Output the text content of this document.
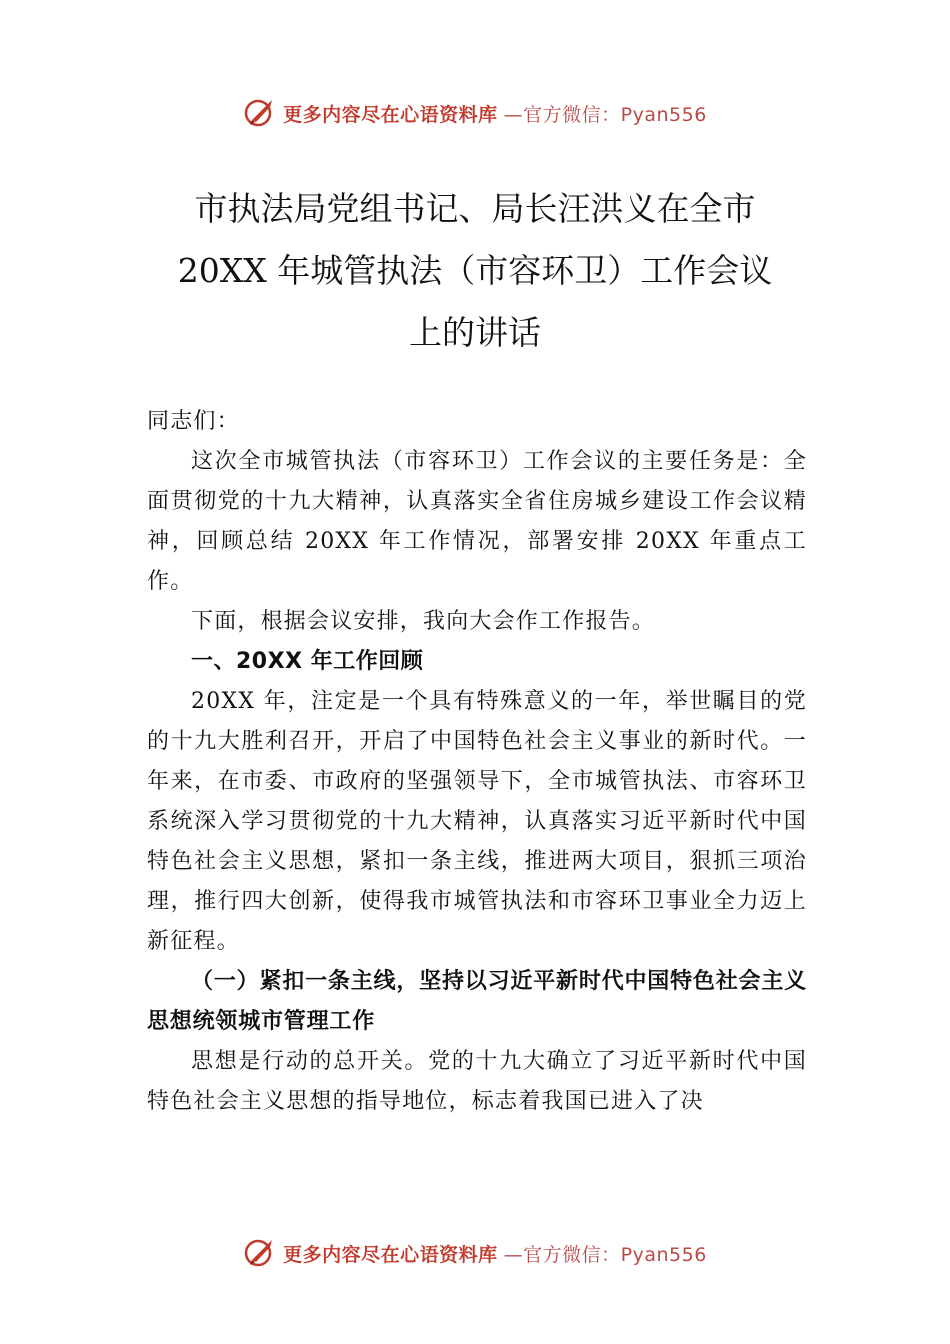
更多内容尽在心语资料库 —官方微信：Pyan556
市执法局党组书记、局长汪洪义在全市
20XX 年城管执法（市容环卫）工作会议
上的讲话

同志们：

这次全市城管执法（市容环卫）工作会议的主要任务是：全面贯彻党的十九大精神，认真落实全省住房城乡建设工作会议精神，回顾总结 20XX 年工作情况，部署安排 20XX 年重点工作。

下面，根据会议安排，我向大会作工作报告。

一、20XX 年工作回顾

20XX 年，注定是一个具有特殊意义的一年，举世瞩目的党的十九大胜利召开，开启了中国特色社会主义事业的新时代。一年来，在市委、市政府的坚强领导下，全市城管执法、市容环卫系统深入学习贯彻党的十九大精神，认真落实习近平新时代中国特色社会主义思想，紧扣一条主线，推进两大项目，狠抓三项治理，推行四大创新，使得我市城管执法和市容环卫事业全力迈上新征程。

（一）紧扣一条主线，坚持以习近平新时代中国特色社会主义思想统领城市管理工作

思想是行动的总开关。党的十九大确立了习近平新时代中国特色社会主义思想的指导地位，标志着我国已进入了决

更多内容尽在心语资料库 —官方微信：Pyan556
